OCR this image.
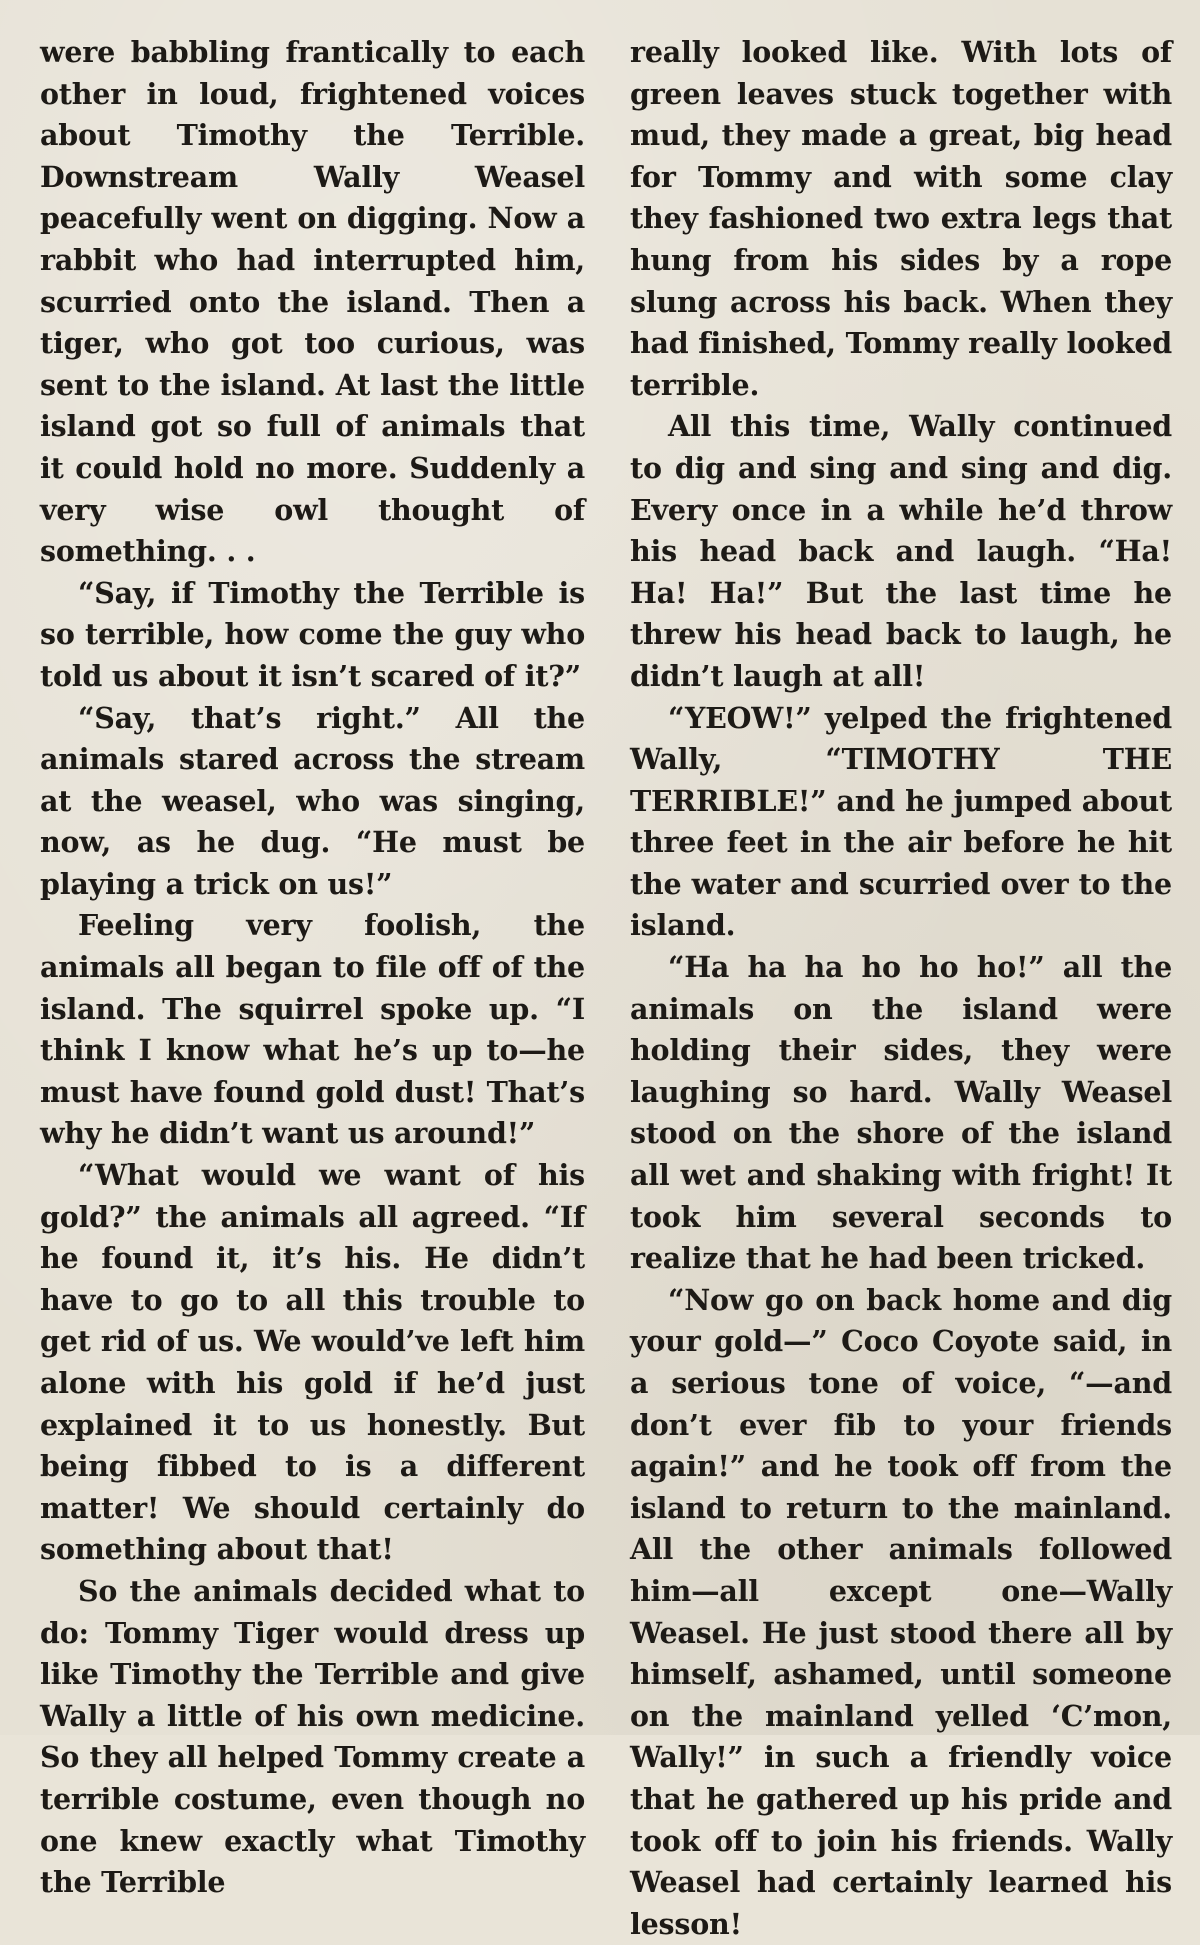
were babbling frantically to each other in loud, frightened voices about Timothy the Terrible. Downstream Wally Weasel peacefully went on digging. Now a rabbit who had interrupted him, scurried onto the island. Then a tiger, who got too curious, was sent to the island. At last the little island got so full of animals that it could hold no more. Suddenly a very wise owl thought of something. . .

“Say, if Timothy the Terrible is so terrible, how come the guy who told us about it isn’t scared of it?”

“Say, that’s right.” All the animals stared across the stream at the weasel, who was singing, now, as he dug. “He must be playing a trick on us!”

Feeling very foolish, the animals all began to file off of the island. The squirrel spoke up. “I think I know what he’s up to—he must have found gold dust! That’s why he didn’t want us around!”

“What would we want of his gold?” the animals all agreed. “If he found it, it’s his. He didn’t have to go to all this trouble to get rid of us. We would’ve left him alone with his gold if he’d just explained it to us honestly. But being fibbed to is a different matter! We should certainly do something about that!

So the animals decided what to do: Tommy Tiger would dress up like Timothy the Terrible and give Wally a little of his own medicine. So they all helped Tommy create a terrible costume, even though no one knew exactly what Timothy the Terrible

really looked like. With lots of green leaves stuck together with mud, they made a great, big head for Tommy and with some clay they fashioned two extra legs that hung from his sides by a rope slung across his back. When they had finished, Tommy really looked terrible.

All this time, Wally continued to dig and sing and sing and dig. Every once in a while he’d throw his head back and laugh. “Ha! Ha! Ha!” But the last time he threw his head back to laugh, he didn’t laugh at all!

“YEOW!” yelped the frightened Wally, “TIMOTHY THE TERRIBLE!” and he jumped about three feet in the air before he hit the water and scurried over to the island.

“Ha ha ha ho ho ho!” all the animals on the island were holding their sides, they were laughing so hard. Wally Weasel stood on the shore of the island all wet and shaking with fright! It took him several seconds to realize that he had been tricked.

“Now go on back home and dig your gold—” Coco Coyote said, in a serious tone of voice, “—and don’t ever fib to your friends again!” and he took off from the island to return to the mainland. All the other animals followed him—all except one—Wally Weasel. He just stood there all by himself, ashamed, until someone on the mainland yelled ‘C’mon, Wally!” in such a friendly voice that he gathered up his pride and took off to join his friends. Wally Weasel had certainly learned his lesson!
